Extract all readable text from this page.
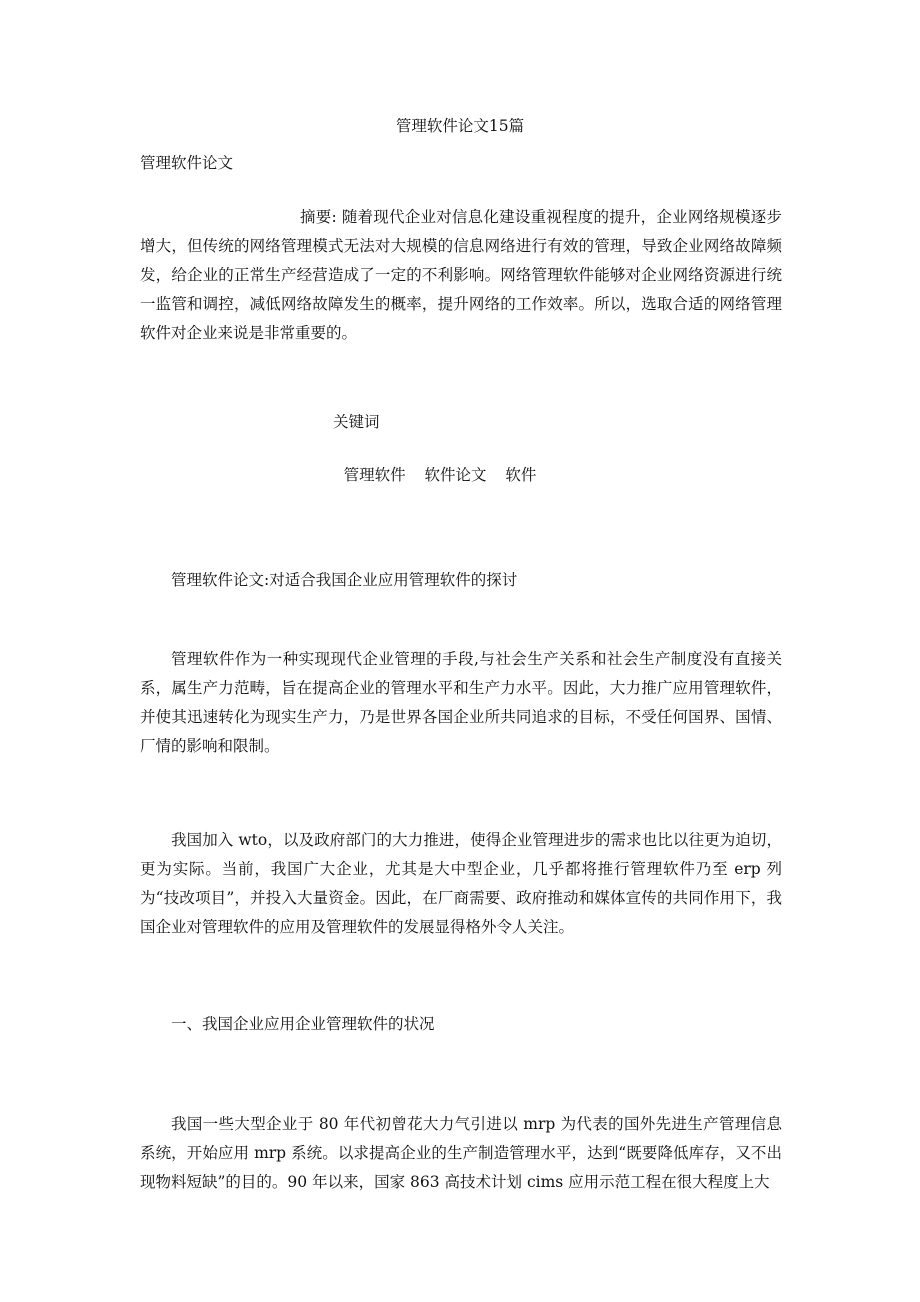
管理软件论文15篇
管理软件论文
摘要: 随着现代企业对信息化建设重视程度的提升，企业网络规模逐步增大，但传统的网络管理模式无法对大规模的信息网络进行有效的管理，导致企业网络故障频发，给企业的正常生产经营造成了一定的不利影响。网络管理软件能够对企业网络资源进行统一监管和调控，减低网络故障发生的概率，提升网络的工作效率。所以，选取合适的网络管理软件对企业来说是非常重要的。
关键词
管理软件 软件论文 软件
管理软件论文:对适合我国企业应用管理软件的探讨
管理软件作为一种实现现代企业管理的手段,与社会生产关系和社会生产制度没有直接关系，属生产力范畴，旨在提高企业的管理水平和生产力水平。因此，大力推广应用管理软件，并使其迅速转化为现实生产力，乃是世界各国企业所共同追求的目标，不受任何国界、国情、厂情的影响和限制。
我国加入 wto，以及政府部门的大力推进，使得企业管理进步的需求也比以往更为迫切，更为实际。当前，我国广大企业，尤其是大中型企业，几乎都将推行管理软件乃至 erp 列为“技改项目”，并投入大量资金。因此，在厂商需要、政府推动和媒体宣传的共同作用下，我国企业对管理软件的应用及管理软件的发展显得格外令人关注。
一、我国企业应用企业管理软件的状况
我国一些大型企业于 80 年代初曾花大力气引进以 mrp 为代表的国外先进生产管理信息系统，开始应用 mrp 系统。以求提高企业的生产制造管理水平，达到“既要降低库存，又不出现物料短缺”的目的。90 年以来，国家 863 高技术计划 cims 应用示范工程在很大程度上大
